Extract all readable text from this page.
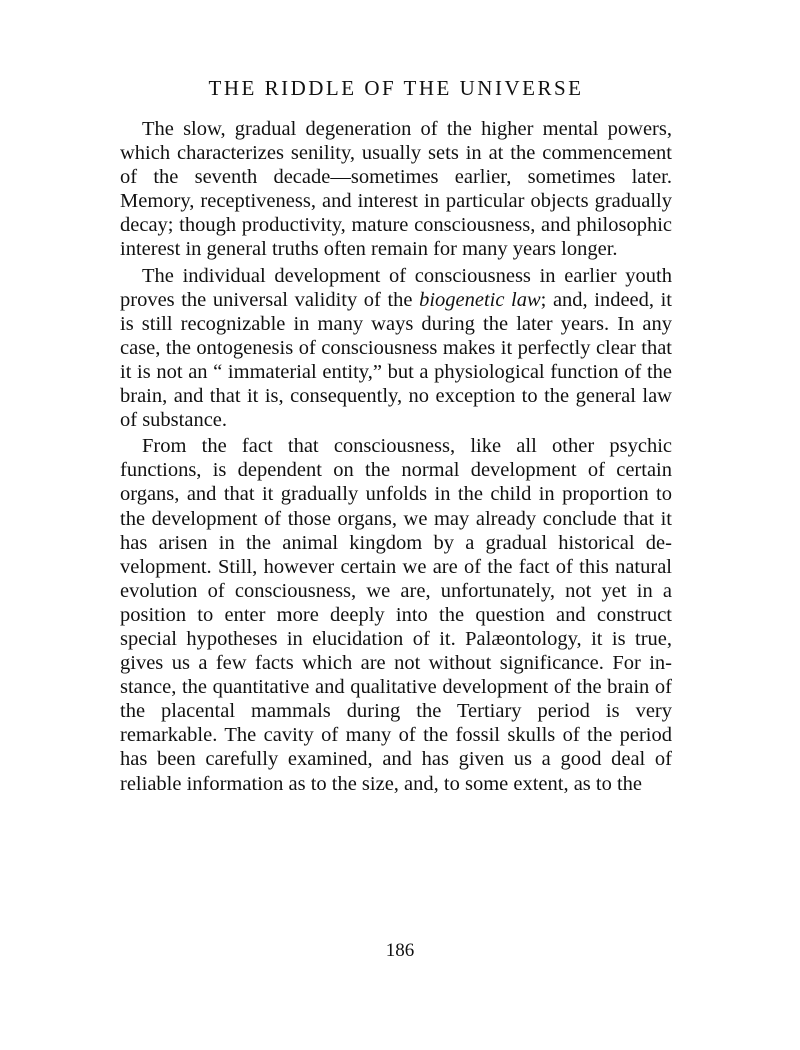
THE RIDDLE OF THE UNIVERSE

The slow, gradual degeneration of the higher mental powers, which characterizes senility, usually sets in at the commencement of the seventh decade—sometimes earlier, sometimes later. Memory, receptiveness, and interest in particular objects gradually decay; though productivity, mature consciousness, and philosophic interest in general truths often remain for many years longer.

The individual development of consciousness in earlier youth proves the universal validity of the biogenetic law; and, indeed, it is still recognizable in many ways during the later years. In any case, the ontogenesis of consciousness makes it perfectly clear that it is not an “ immaterial entity,” but a physiological function of the brain, and that it is, consequently, no exception to the general law of substance.

From the fact that consciousness, like all other psychic functions, is dependent on the normal development of certain organs, and that it gradually unfolds in the child in proportion to the development of those organs, we may already conclude that it has arisen in the animal kingdom by a gradual historical development. Still, however certain we are of the fact of this natural evolution of consciousness, we are, unfortunately, not yet in a position to enter more deeply into the question and construct special hypotheses in elucidation of it. Palæontology, it is true, gives us a few facts which are not without significance. For instance, the quantitative and qualitative development of the brain of the placental mammals during the Tertiary period is very remarkable. The cavity of many of the fossil skulls of the period has been carefully examined, and has given us a good deal of reliable information as to the size, and, to some extent, as to the

186
